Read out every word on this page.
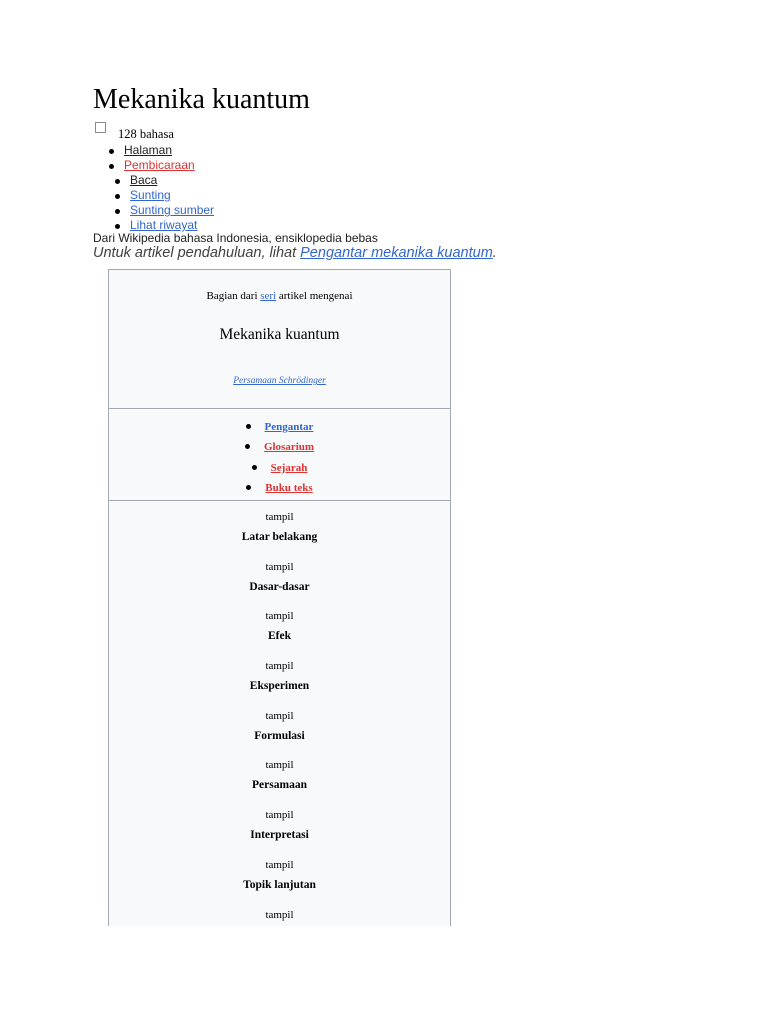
Mekanika kuantum
128 bahasa
Halaman
Pembicaraan
Baca
Sunting
Sunting sumber
Lihat riwayat
Dari Wikipedia bahasa Indonesia, ensiklopedia bebas
Untuk artikel pendahuluan, lihat Pengantar mekanika kuantum.
Bagian dari seri artikel mengenai
Mekanika kuantum
Persamaan Schrödinger
Pengantar
Glosarium
Sejarah
Buku teks
tampil
Latar belakang
tampil
Dasar-dasar
tampil
Efek
tampil
Eksperimen
tampil
Formulasi
tampil
Persamaan
tampil
Interpretasi
tampil
Topik lanjutan
tampil
